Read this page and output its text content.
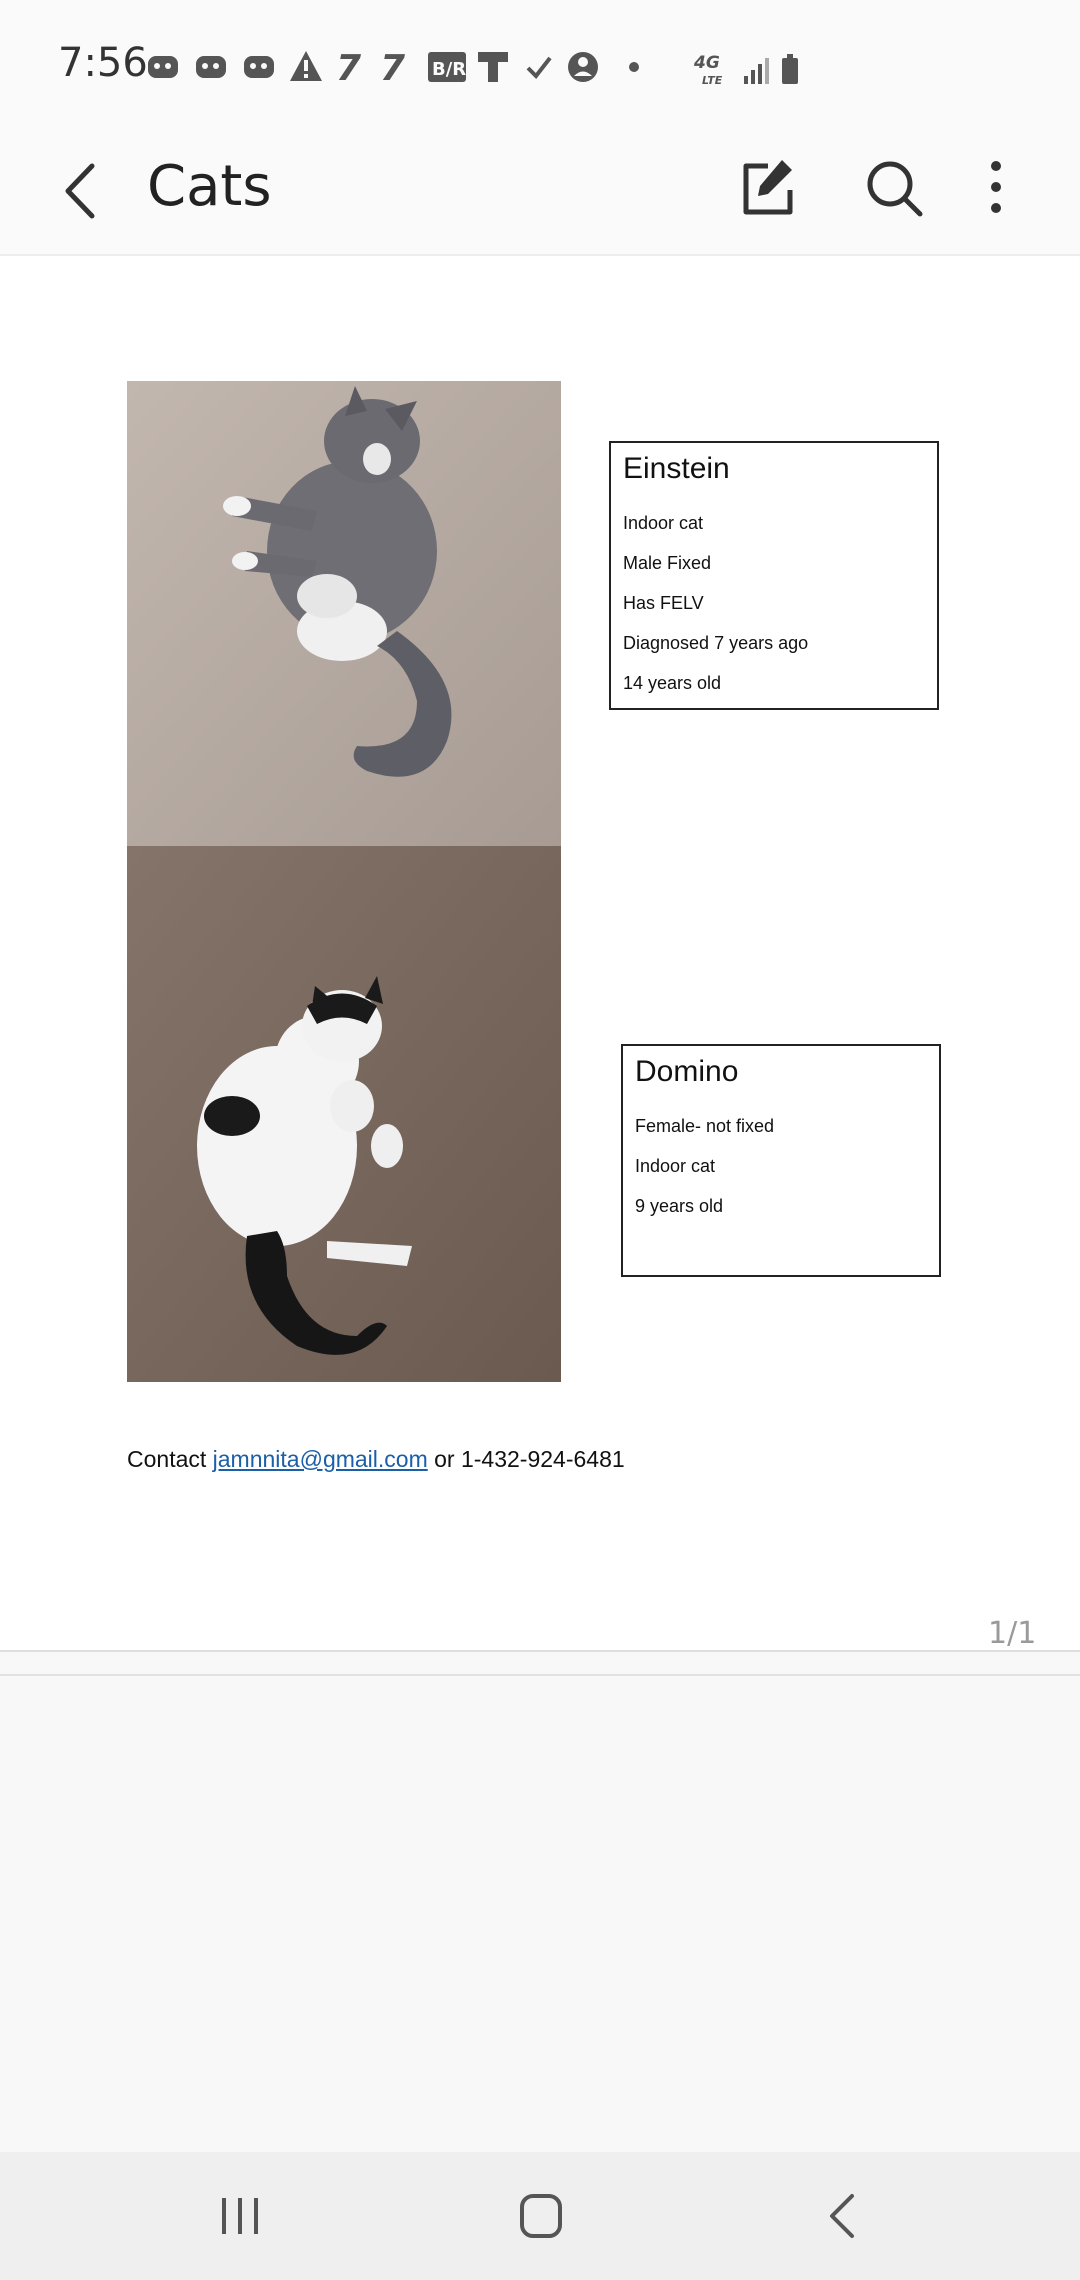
7:56	7 7 B/R	4G
LTE
Cats
Einstein
Indoor cat
Male Fixed
Has FELV
Diagnosed 7 years ago
14 years old
Domino
Female- not fixed
Indoor cat
9 years old
Contact jamnnita@gmail.com or 1-432-924-6481
1/1
